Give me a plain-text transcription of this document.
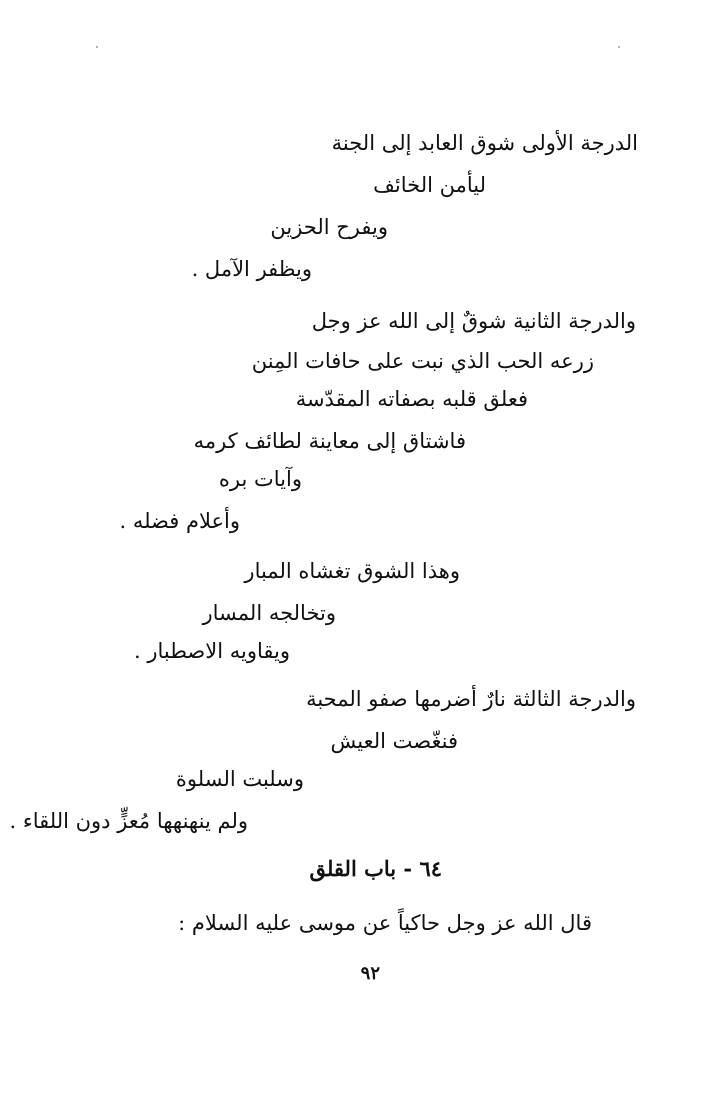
الدرجة الأولى شوق العابد إلى الجنة
ليأمن الخائف
ويفرح الحزين
ويظفر الآمل .
والدرجة الثانية شوقٌ إلى الله عز وجل
زرعه الحب الذي نبت على حافات المِنن
فعلق قلبه بصفاته المقدّسة
فاشتاق إلى معاينة لطائف كرمه
وآيات بره
وأعلام فضله .
وهذا الشوق تغشاه المبار
وتخالجه المسار
ويقاويه الاصطبار .
والدرجة الثالثة نارٌ أضرمها صفو المحبة
فنغّصت العيش
وسلبت السلوة
ولم ينهنهها مُعزٍّ دون اللقاء .
٦٤ - باب القلق
قال الله عز وجل حاكياً عن موسى عليه السلام :
٩٢
